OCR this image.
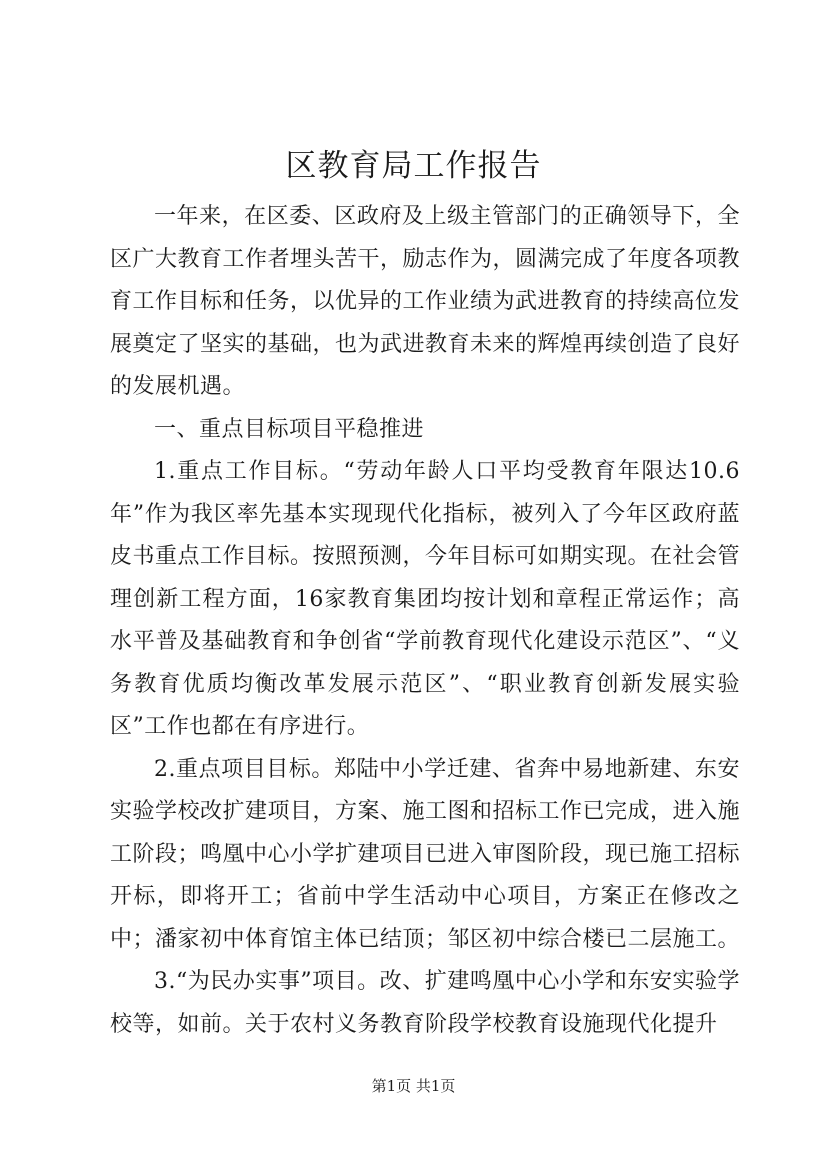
区教育局工作报告

一年来，在区委、区政府及上级主管部门的正确领导下，全区广大教育工作者埋头苦干，励志作为，圆满完成了年度各项教育工作目标和任务，以优异的工作业绩为武进教育的持续高位发展奠定了坚实的基础，也为武进教育未来的辉煌再续创造了良好的发展机遇。

一、重点目标项目平稳推进

1.重点工作目标。“劳动年龄人口平均受教育年限达10.6年”作为我区率先基本实现现代化指标，被列入了今年区政府蓝皮书重点工作目标。按照预测，今年目标可如期实现。在社会管理创新工程方面，16家教育集团均按计划和章程正常运作；高水平普及基础教育和争创省“学前教育现代化建设示范区”、“义务教育优质均衡改革发展示范区”、“职业教育创新发展实验区”工作也都在有序进行。

2.重点项目目标。郑陆中小学迁建、省奔中易地新建、东安实验学校改扩建项目，方案、施工图和招标工作已完成，进入施工阶段；鸣凰中心小学扩建项目已进入审图阶段，现已施工招标开标，即将开工；省前中学生活动中心项目，方案正在修改之中；潘家初中体育馆主体已结顶；邹区初中综合楼已二层施工。

3.“为民办实事”项目。改、扩建鸣凰中心小学和东安实验学校等，如前。关于农村义务教育阶段学校教育设施现代化提升

第1页 共1页
